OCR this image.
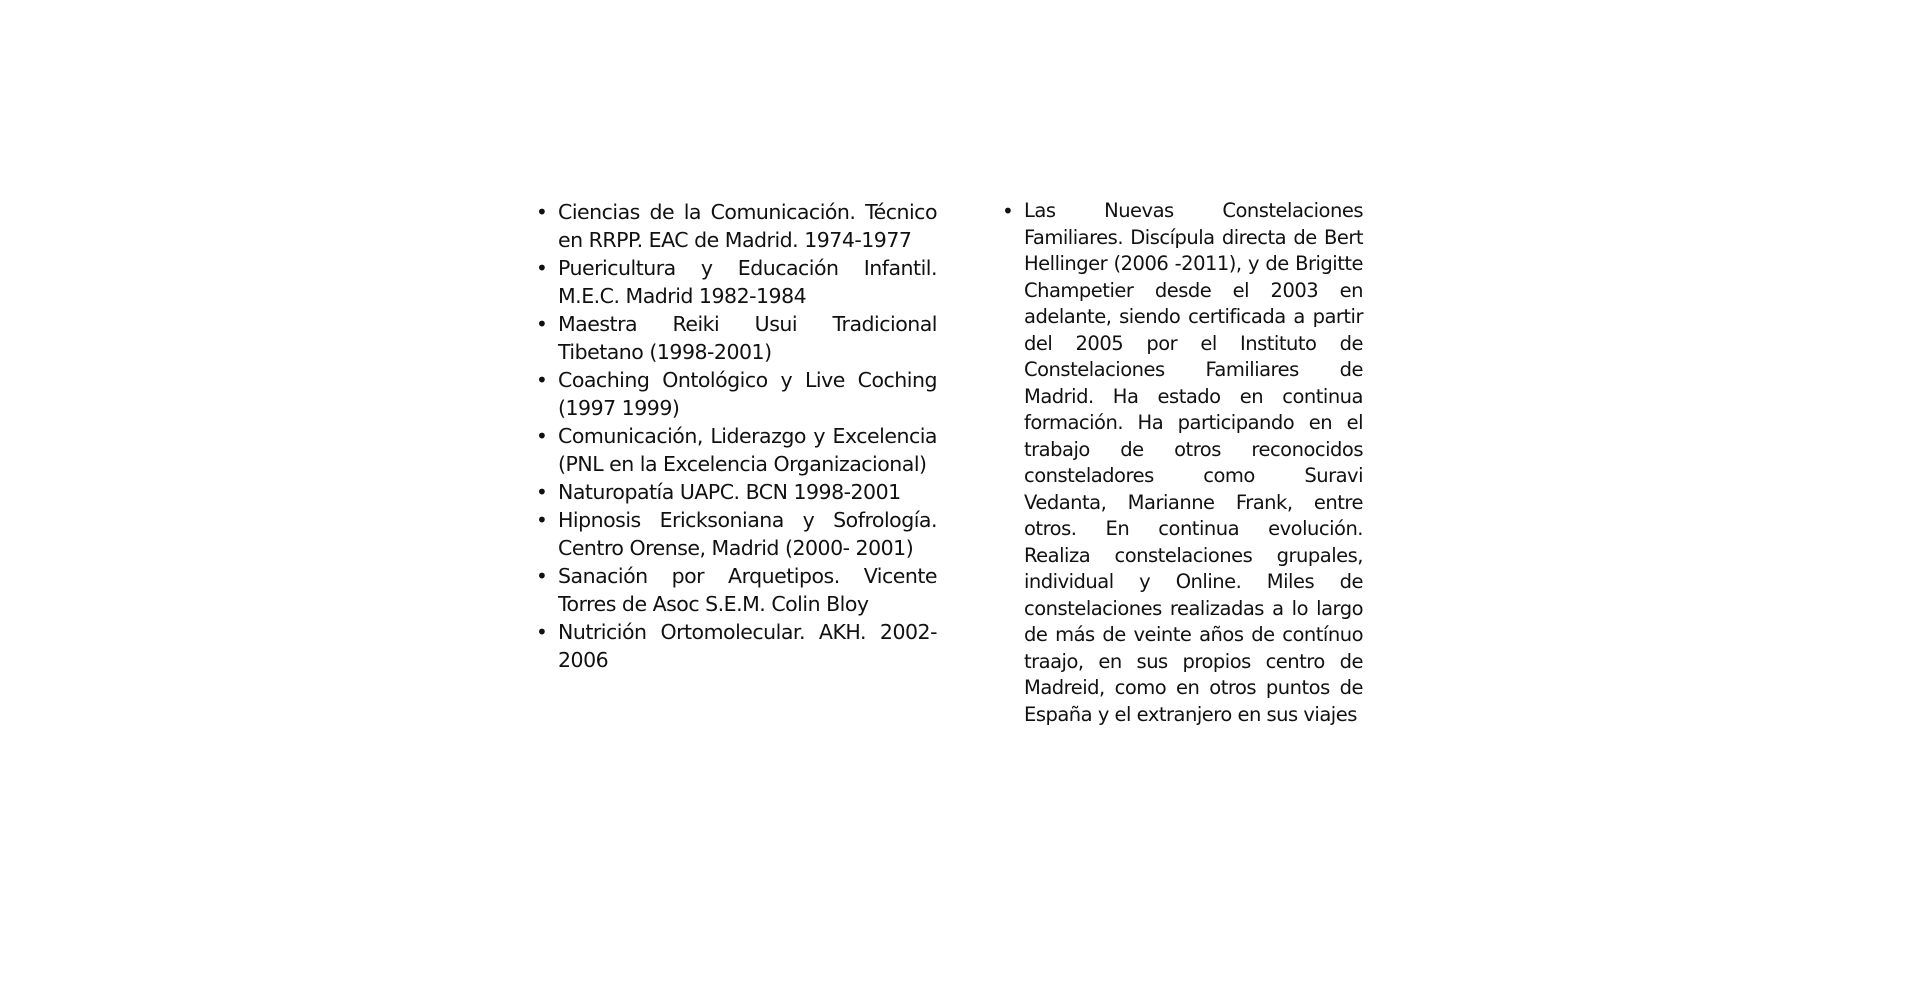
• Ciencias de la Comunicación. Técnico en RRPP. EAC de Madrid. 1974-1977
• Puericultura y Educación Infantil. M.E.C. Madrid 1982-1984
• Maestra Reiki Usui Tradicional Tibetano (1998-2001)
• Coaching Ontológico y Live Coching (1997 1999)
• Comunicación, Liderazgo y Excelencia (PNL en la Excelencia Organizacional)
• Naturopatía UAPC. BCN 1998-2001
• Hipnosis Ericksoniana y Sofrología. Centro Orense, Madrid (2000- 2001)
• Sanación por Arquetipos. Vicente Torres de Asoc S.E.M. Colin Bloy
• Nutrición Ortomolecular. AKH. 2002-2006
• Las Nuevas Constelaciones Familiares. Discípula directa de Bert Hellinger (2006 -2011), y de Brigitte Champetier desde el 2003 en adelante, siendo certificada a partir del 2005 por el Instituto de Constelaciones Familiares de Madrid. Ha estado en continua formación. Ha participando en el trabajo de otros reconocidos consteladores como Suravi Vedanta, Marianne Frank, entre otros. En continua evolución. Realiza constelaciones grupales, individual y Online. Miles de constelaciones realizadas a lo largo de más de veinte años de contínuo traajo, en sus propios centro de Madreid, como en otros puntos de España y el extranjero en sus viajes
